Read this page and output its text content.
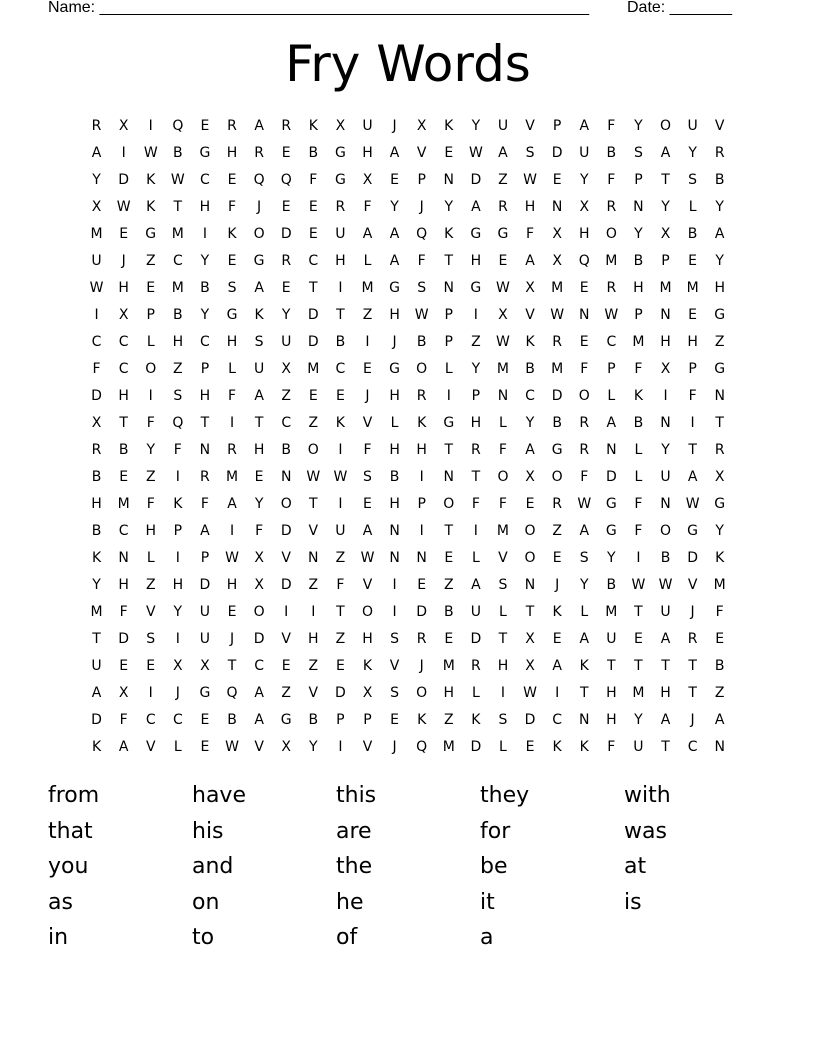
Name: _______________________________________________________ Date: _______
Fry Words
R	X	I	Q	E	R	A	R	K	X	U	J	X	K	Y	U	V	P	A	F	Y	O	U	V
A	I	W	B	G	H	R	E	B	G	H	A	V	E	W	A	S	D	U	B	S	A	Y	R
Y	D	K	W	C	E	Q	Q	F	G	X	E	P	N	D	Z	W	E	Y	F	P	T	S	B
X	W	K	T	H	F	J	E	E	R	F	Y	J	Y	A	R	H	N	X	R	N	Y	L	Y
M	E	G	M	I	K	O	D	E	U	A	A	Q	K	G	G	F	X	H	O	Y	X	B	A
U	J	Z	C	Y	E	G	R	C	H	L	A	F	T	H	E	A	X	Q	M	B	P	E	Y
W	H	E	M	B	S	A	E	T	I	M	G	S	N	G	W	X	M	E	R	H	M	M	H
I	X	P	B	Y	G	K	Y	D	T	Z	H	W	P	I	X	V	W	N	W	P	N	E	G
C	C	L	H	C	H	S	U	D	B	I	J	B	P	Z	W	K	R	E	C	M	H	H	Z
F	C	O	Z	P	L	U	X	M	C	E	G	O	L	Y	M	B	M	F	P	F	X	P	G
D	H	I	S	H	F	A	Z	E	E	J	H	R	I	P	N	C	D	O	L	K	I	F	N
X	T	F	Q	T	I	T	C	Z	K	V	L	K	G	H	L	Y	B	R	A	B	N	I	T
R	B	Y	F	N	R	H	B	O	I	F	H	H	T	R	F	A	G	R	N	L	Y	T	R
B	E	Z	I	R	M	E	N	W W	S	B	I	N	T	O	X	O	F	D	L	U	A	X
H	M	F	K	F	A	Y	O	T	I	E	H	P	O	F	F	E	R	W	G	F	N	W	G
B	C	H	P	A	I	F	D	V	U	A	N	I	T	I	M	O	Z	A	G	F	O	G	Y
K	N	L	I	P	W	X	V	N	Z	W	N	N	E	L	V	O	E	S	Y	I	B	D	K
Y	H	Z	H	D	H	X	D	Z	F	V	I	E	Z	A	S	N	J	Y	B	W W	V	M
M	F	V	Y	U	E	O	I	I	T	O	I	D	B	U	L	T	K	L	M	T	U	J	F
T	D	S	I	U	J	D	V	H	Z	H	S	R	E	D	T	X	E	A	U	E	A	R	E
U	E	E	X	X	T	C	E	Z	E	K	V	J	M	R	H	X	A	K	T	T	T	T	B
A	X	I	J	G	Q	A	Z	V	D	X	S	O	H	L	I	W	I	T	H	M	H	T	Z
D	F	C	C	E	B	A	G	B	P	P	E	K	Z	K	S	D	C	N	H	Y	A	J	A
K	A	V	L	E	W	V	X	Y	I	V	J	Q	M	D	L	E	K	K	F	U	T	C	N
from	have	this	they	with
that	his	are	for	was
you	and	the	be	at
as	on	he	it	is
in	to	of	a
